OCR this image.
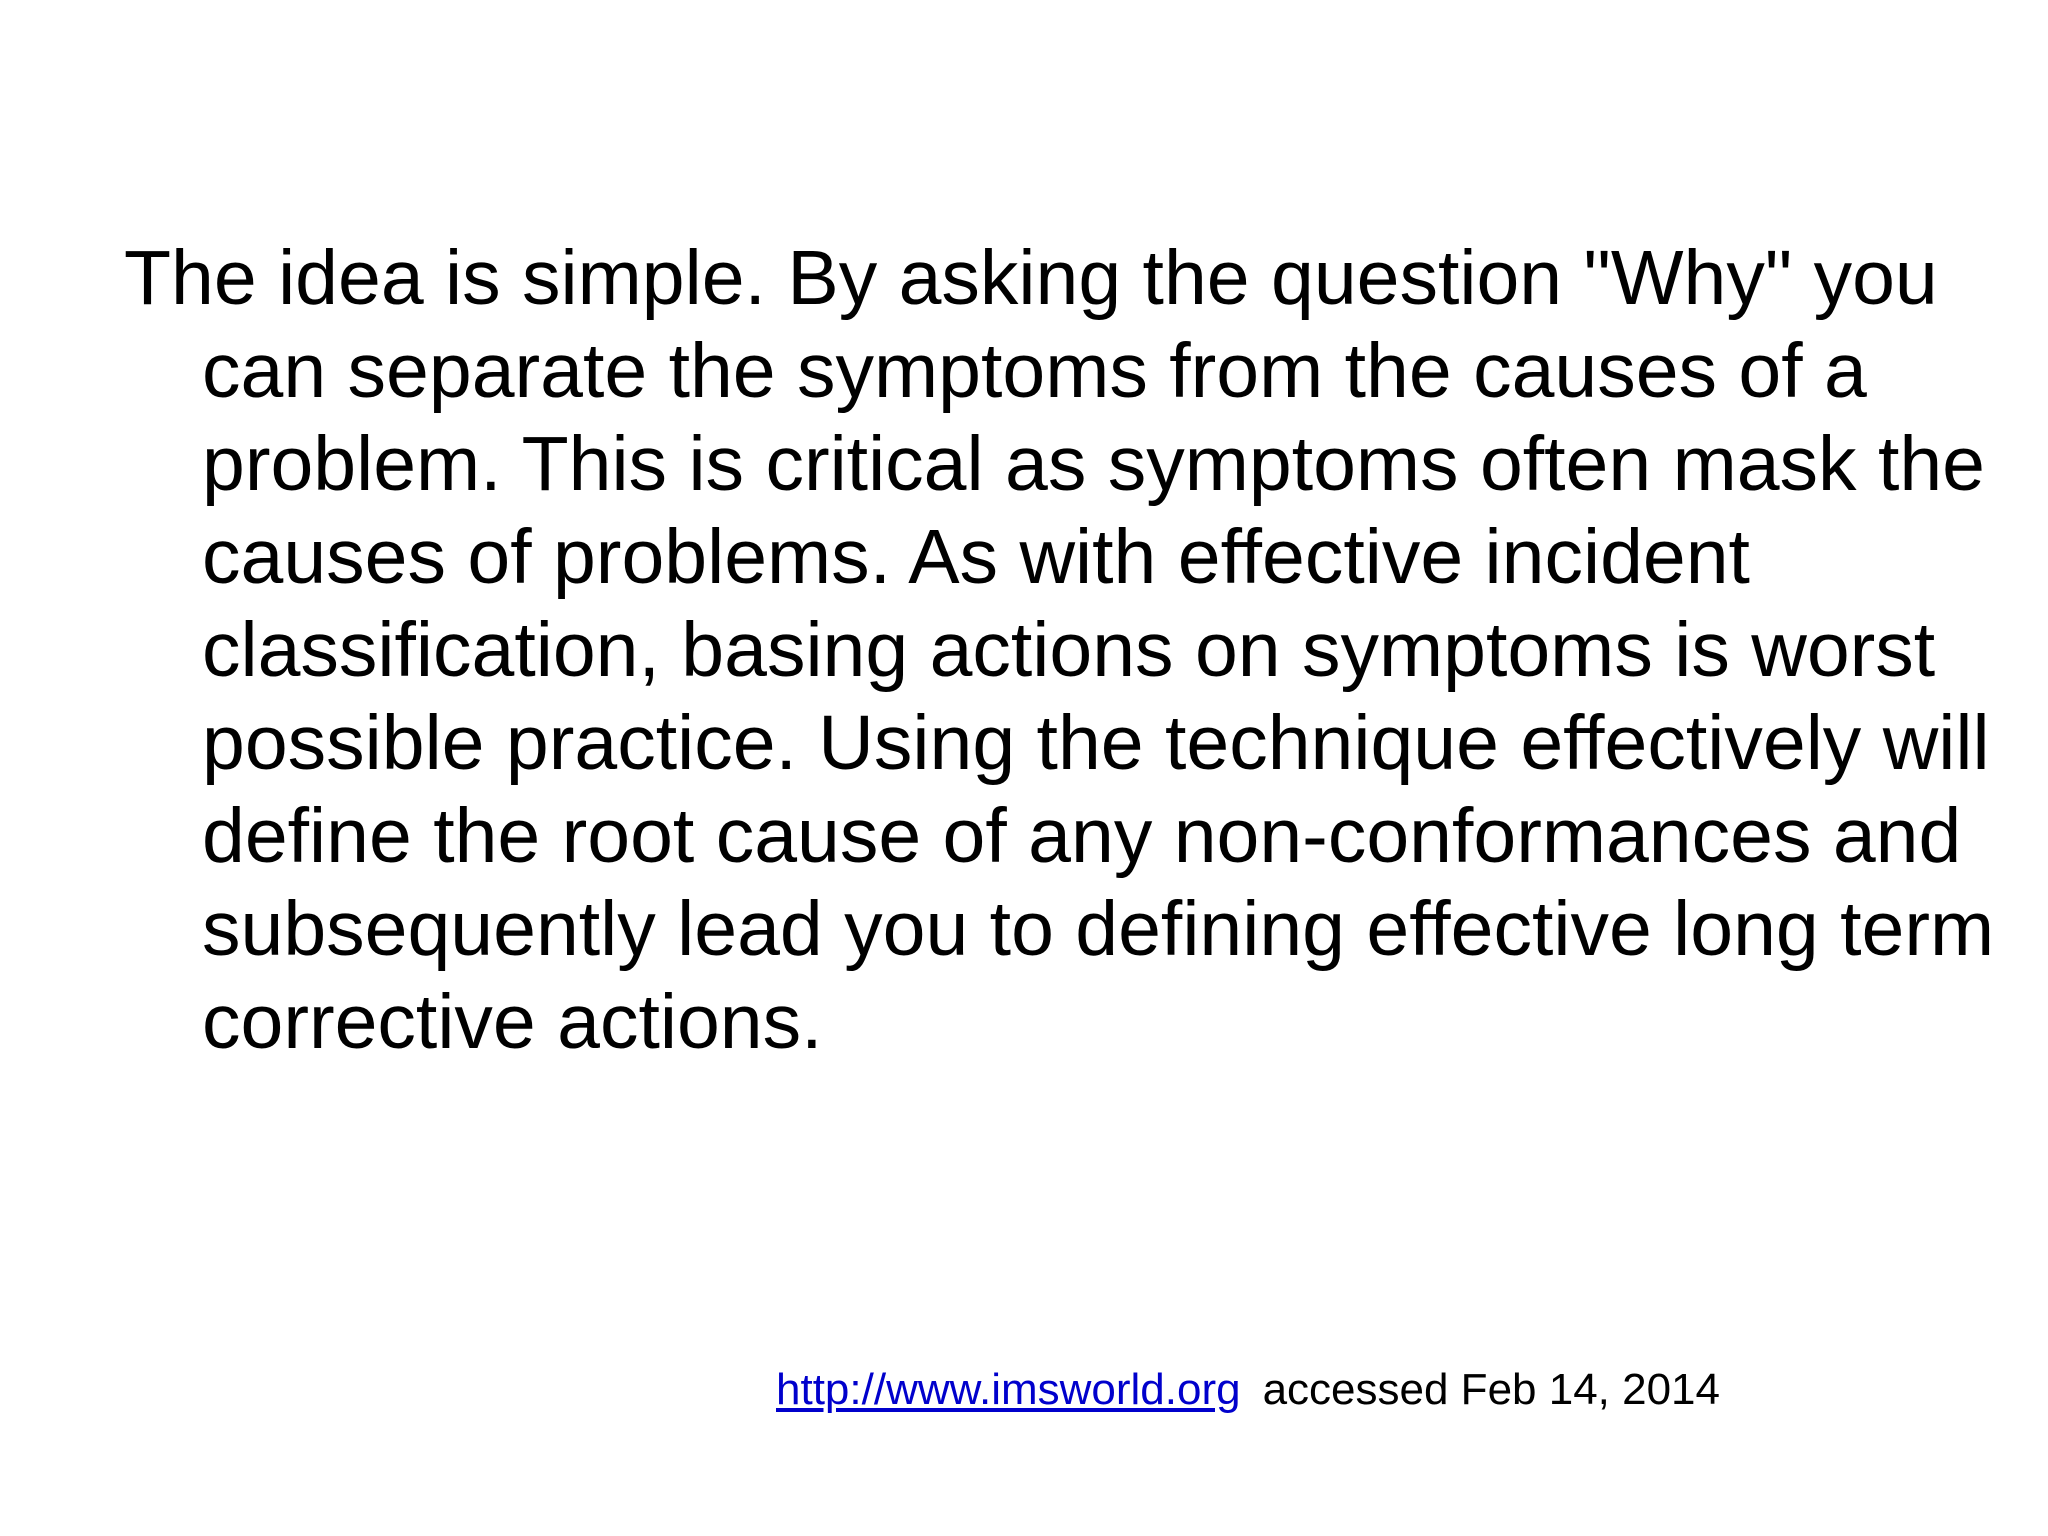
The idea is simple. By asking the question "Why" you can separate the symptoms from the causes of a problem. This is critical as symptoms often mask the causes of problems. As with effective incident classification, basing actions on symptoms is worst possible practice. Using the technique effectively will define the root cause of any non-conformances and subsequently lead you to defining effective long term corrective actions.

http://www.imsworld.org accessed Feb 14, 2014
